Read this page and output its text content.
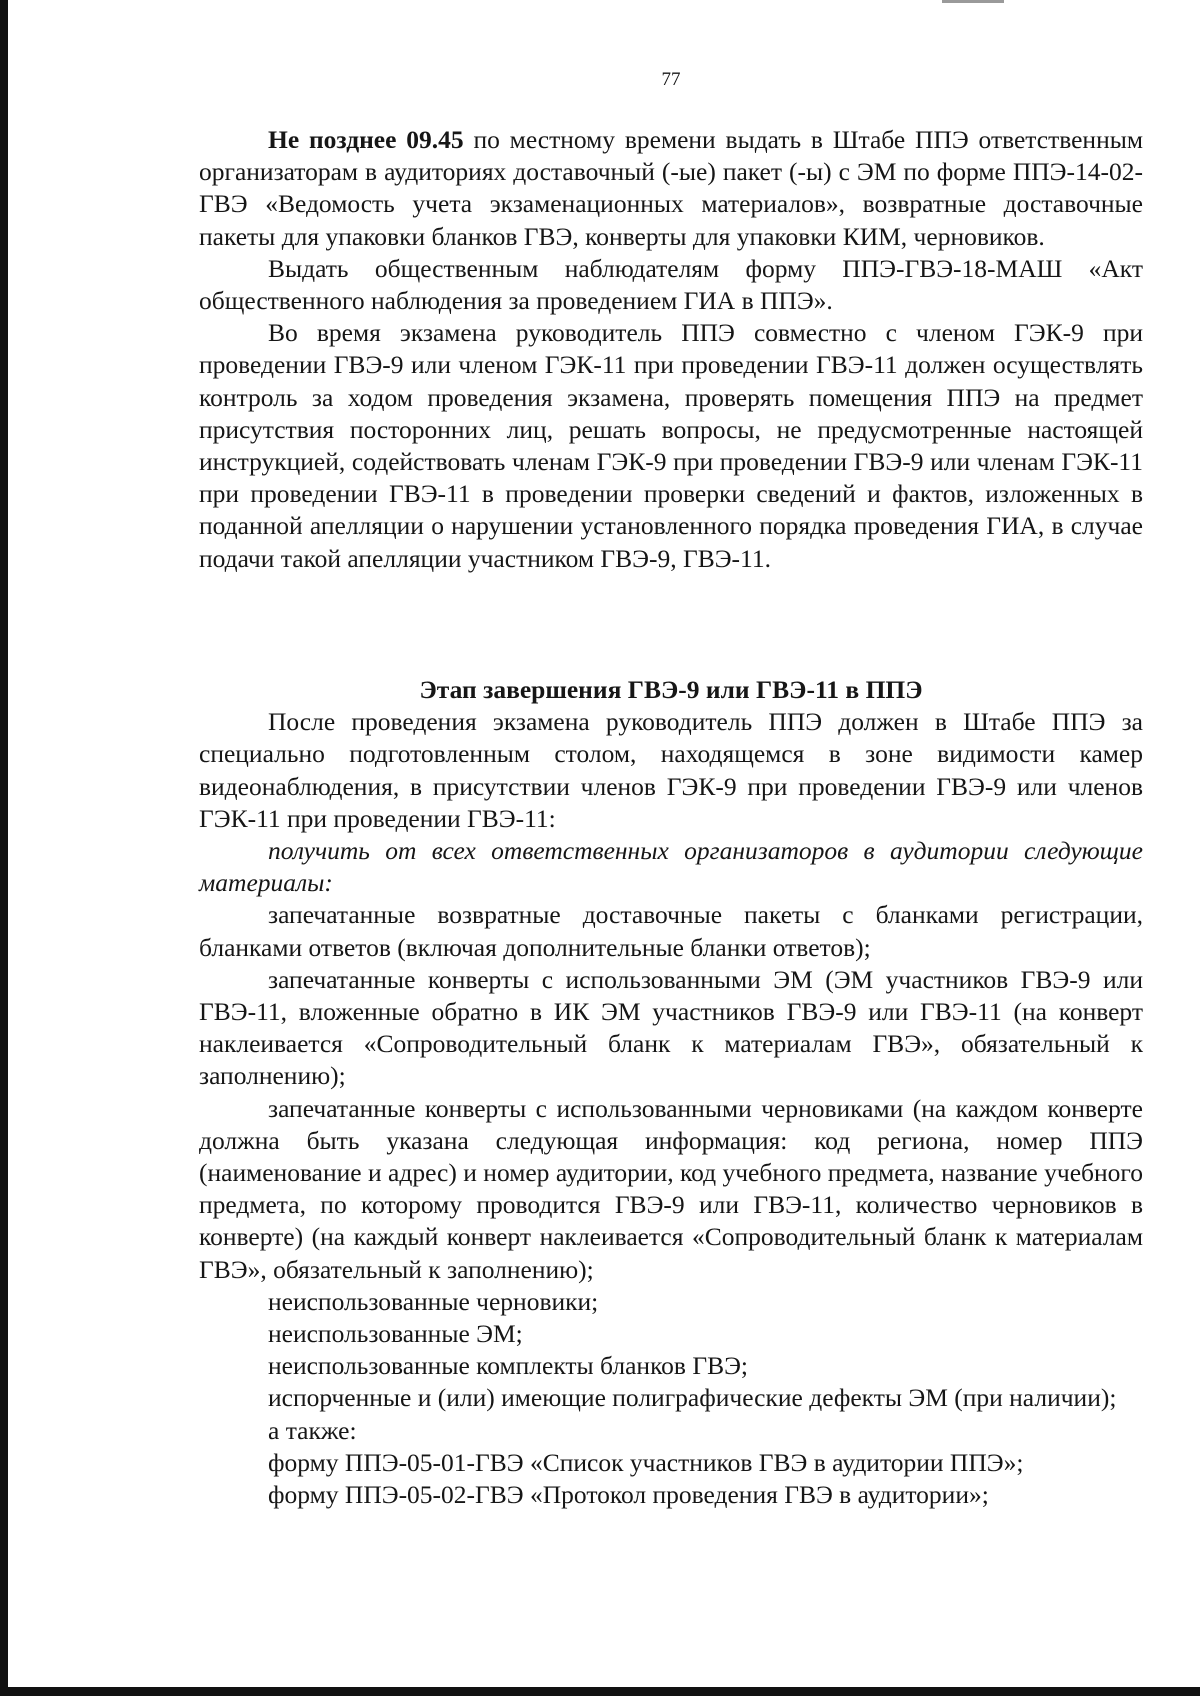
77

Не позднее 09.45 по местному времени выдать в Штабе ППЭ ответственным организаторам в аудиториях доставочный (-ые) пакет (-ы) с ЭМ по форме ППЭ-14-02-ГВЭ «Ведомость учета экзаменационных материалов», возвратные доставочные пакеты для упаковки бланков ГВЭ, конверты для упаковки КИМ, черновиков.

Выдать общественным наблюдателям форму ППЭ-ГВЭ-18-МАШ «Акт общественного наблюдения за проведением ГИА в ППЭ».

Во время экзамена руководитель ППЭ совместно с членом ГЭК-9 при проведении ГВЭ-9 или членом ГЭК-11 при проведении ГВЭ-11 должен осуществлять контроль за ходом проведения экзамена, проверять помещения ППЭ на предмет присутствия посторонних лиц, решать вопросы, не предусмотренные настоящей инструкцией, содействовать членам ГЭК-9 при проведении ГВЭ-9 или членам ГЭК-11 при проведении ГВЭ-11 в проведении проверки сведений и фактов, изложенных в поданной апелляции о нарушении установленного порядка проведения ГИА, в случае подачи такой апелляции участником ГВЭ-9, ГВЭ-11.

Этап завершения ГВЭ-9 или ГВЭ-11 в ППЭ

После проведения экзамена руководитель ППЭ должен в Штабе ППЭ за специально подготовленным столом, находящемся в зоне видимости камер видеонаблюдения, в присутствии членов ГЭК-9 при проведении ГВЭ-9 или членов ГЭК-11 при проведении ГВЭ-11:

получить от всех ответственных организаторов в аудитории следующие материалы:

запечатанные возвратные доставочные пакеты с бланками регистрации, бланками ответов (включая дополнительные бланки ответов);

запечатанные конверты с использованными ЭМ (ЭМ участников ГВЭ-9 или ГВЭ-11, вложенные обратно в ИК ЭМ участников ГВЭ-9 или ГВЭ-11 (на конверт наклеивается «Сопроводительный бланк к материалам ГВЭ», обязательный к заполнению);

запечатанные конверты с использованными черновиками (на каждом конверте должна быть указана следующая информация: код региона, номер ППЭ (наименование и адрес) и номер аудитории, код учебного предмета, название учебного предмета, по которому проводится ГВЭ-9 или ГВЭ-11, количество черновиков в конверте) (на каждый конверт наклеивается «Сопроводительный бланк к материалам ГВЭ», обязательный к заполнению);

неиспользованные черновики;

неиспользованные ЭМ;

неиспользованные комплекты бланков ГВЭ;

испорченные и (или) имеющие полиграфические дефекты ЭМ (при наличии);

а также:

форму ППЭ-05-01-ГВЭ «Список участников ГВЭ в аудитории ППЭ»;

форму ППЭ-05-02-ГВЭ «Протокол проведения ГВЭ в аудитории»;
